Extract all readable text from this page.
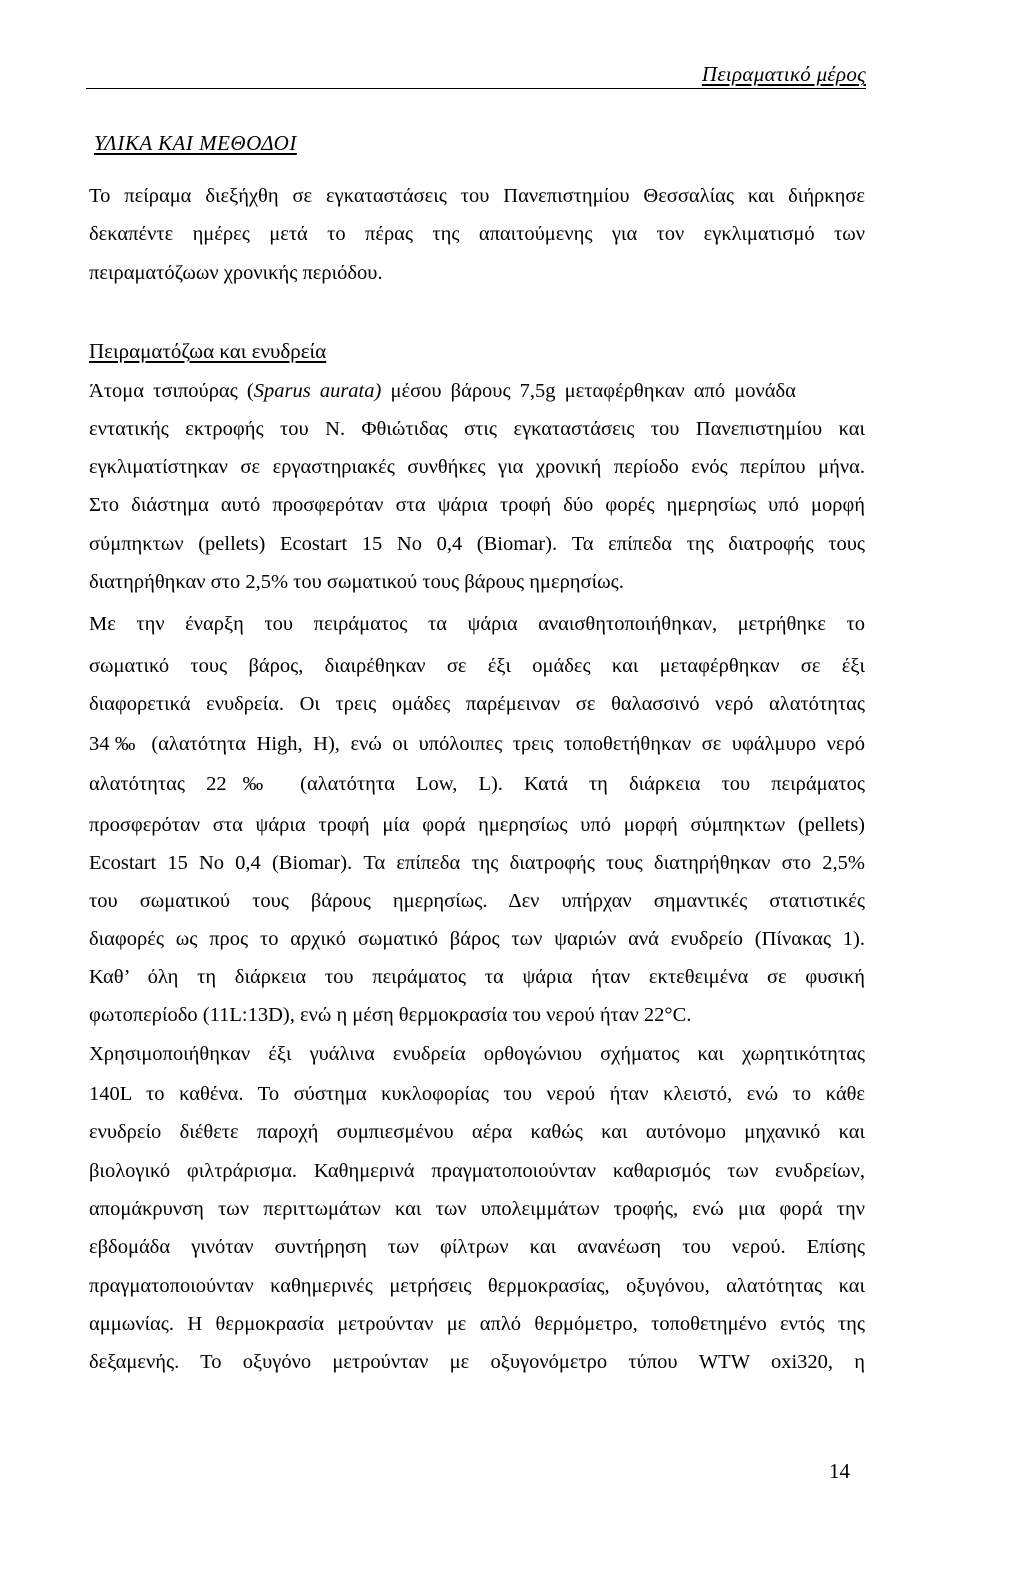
Πειραματικό μέρος
ΥΛΙΚΑ ΚΑΙ ΜΕΘΟΔΟΙ
Το πείραμα διεξήχθη σε εγκαταστάσεις του Πανεπιστημίου Θεσσαλίας και διήρκησε
δεκαπέντε ημέρες μετά το πέρας της απαιτούμενης για τον εγκλιματισμό των
πειραματόζωων χρονικής περιόδου.
Πειραματόζωα και ενυδρεία
Άτομα τσιπούρας (Sparus aurata) μέσου βάρους 7,5g μεταφέρθηκαν από μονάδα
εντατικής εκτροφής του Ν. Φθιώτιδας στις εγκαταστάσεις του Πανεπιστημίου και
εγκλιματίστηκαν σε εργαστηριακές συνθήκες για χρονική περίοδο ενός περίπου μήνα.
Στο διάστημα αυτό προσφερόταν στα ψάρια τροφή δύο φορές ημερησίως υπό μορφή
σύμπηκτων (pellets) Ecostart 15 No 0,4 (Biomar). Τα επίπεδα της διατροφής τους
διατηρήθηκαν στο 2,5% του σωματικού τους βάρους ημερησίως.
Με την έναρξη του πειράματος τα ψάρια αναισθητοποιήθηκαν, μετρήθηκε το
σωματικό τους βάρος, διαιρέθηκαν σε έξι ομάδες και μεταφέρθηκαν σε έξι
διαφορετικά ενυδρεία. Οι τρεις ομάδες παρέμειναν σε θαλασσινό νερό αλατότητας
34‰ (αλατότητα High, H), ενώ οι υπόλοιπες τρεις τοποθετήθηκαν σε υφάλμυρο νερό
αλατότητας 22‰ (αλατότητα Low, L). Κατά τη διάρκεια του πειράματος
προσφερόταν στα ψάρια τροφή μία φορά ημερησίως υπό μορφή σύμπηκτων (pellets)
Ecostart 15 No 0,4 (Biomar). Τα επίπεδα της διατροφής τους διατηρήθηκαν στο 2,5%
του σωματικού τους βάρους ημερησίως. Δεν υπήρχαν σημαντικές στατιστικές
διαφορές ως προς το αρχικό σωματικό βάρος των ψαριών ανά ενυδρείο (Πίνακας 1).
Καθ’ όλη τη διάρκεια του πειράματος τα ψάρια ήταν εκτεθειμένα σε φυσική
φωτοπερίοδο (11L:13D), ενώ η μέση θερμοκρασία του νερού ήταν 22°C.
Χρησιμοποιήθηκαν έξι γυάλινα ενυδρεία ορθογώνιου σχήματος και χωρητικότητας
140L το καθένα. Το σύστημα κυκλοφορίας του νερού ήταν κλειστό, ενώ το κάθε
ενυδρείο διέθετε παροχή συμπιεσμένου αέρα καθώς και αυτόνομο μηχανικό και
βιολογικό φιλτράρισμα. Καθημερινά πραγματοποιούνταν καθαρισμός των ενυδρείων,
απομάκρυνση των περιττωμάτων και των υπολειμμάτων τροφής, ενώ μια φορά την
εβδομάδα γινόταν συντήρηση των φίλτρων και ανανέωση του νερού. Επίσης
πραγματοποιούνταν καθημερινές μετρήσεις θερμοκρασίας, οξυγόνου, αλατότητας και
αμμωνίας. Η θερμοκρασία μετρούνταν με απλό θερμόμετρο, τοποθετημένο εντός της
δεξαμενής. Το οξυγόνο μετρούνταν με οξυγονόμετρο τύπου WTW oxi320, η
14
